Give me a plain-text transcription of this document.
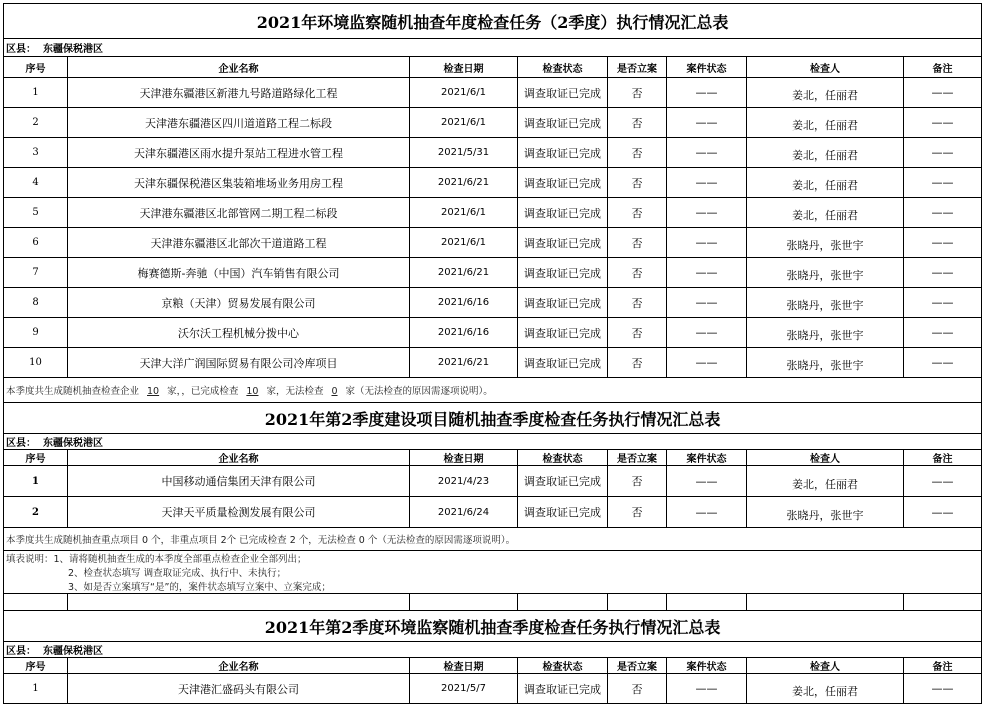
2021年环境监察随机抽查年度检查任务（2季度）执行情况汇总表							
区县： 东疆保税港区							
序号	企业名称	检查日期	检查状态	是否立案	案件状态	检查人	备注
1	天津港东疆港区新港九号路道路绿化工程	2021/6/1	调查取证已完成	否	——	姜北，任丽君	——
2	天津港东疆港区四川道道路工程二标段	2021/6/1	调查取证已完成	否	——	姜北，任丽君	——
3	天津东疆港区雨水提升泵站工程进水管工程	2021/5/31	调查取证已完成	否	——	姜北，任丽君	——
4	天津东疆保税港区集装箱堆场业务用房工程	2021/6/21	调查取证已完成	否	——	姜北，任丽君	——
5	天津港东疆港区北部管网二期工程二标段	2021/6/1	调查取证已完成	否	——	姜北，任丽君	——
6	天津港东疆港区北部次干道道路工程	2021/6/1	调查取证已完成	否	——	张晓丹，张世宇	——
7	梅赛德斯-奔驰（中国）汽车销售有限公司	2021/6/21	调查取证已完成	否	——	张晓丹，张世宇	——
8	京粮（天津）贸易发展有限公司	2021/6/16	调查取证已完成	否	——	张晓丹，张世宇	——
9	沃尔沃工程机械分拨中心	2021/6/16	调查取证已完成	否	——	张晓丹，张世宇	——
10	天津大洋广润国际贸易有限公司冷库项目	2021/6/21	调查取证已完成	否	——	张晓丹，张世宇	——
本季度共生成随机抽查检查企业 10 家，，已完成检查 10 家，无法检查 0 家（无法检查的原因需逐项说明）。							
2021年第2季度建设项目随机抽查季度检查任务执行情况汇总表							
区县： 东疆保税港区							
序号	企业名称	检查日期	检查状态	是否立案	案件状态	检查人	备注
1	中国移动通信集团天津有限公司	2021/4/23	调查取证已完成	否	——	姜北，任丽君	——
2	天津天平质量检测发展有限公司	2021/6/24	调查取证已完成	否	——	张晓丹，张世宇	——
本季度共生成随机抽查重点项目 0 个，非重点项目 2个 已完成检查 2 个，无法检查 0 个（无法检查的原因需逐项说明）。							
填表说明：1、请将随机抽查生成的本季度全部重点检查企业全部列出；							
2、检查状态填写 调查取证完成、执行中、未执行；							
3、如是否立案填写“是”的，案件状态填写立案中、立案完成；							

2021年第2季度环境监察随机抽查季度检查任务执行情况汇总表							
区县： 东疆保税港区							
序号	企业名称	检查日期	检查状态	是否立案	案件状态	检查人	备注
1	天津港汇盛码头有限公司	2021/5/7	调查取证已完成	否	——	姜北，任丽君	——
